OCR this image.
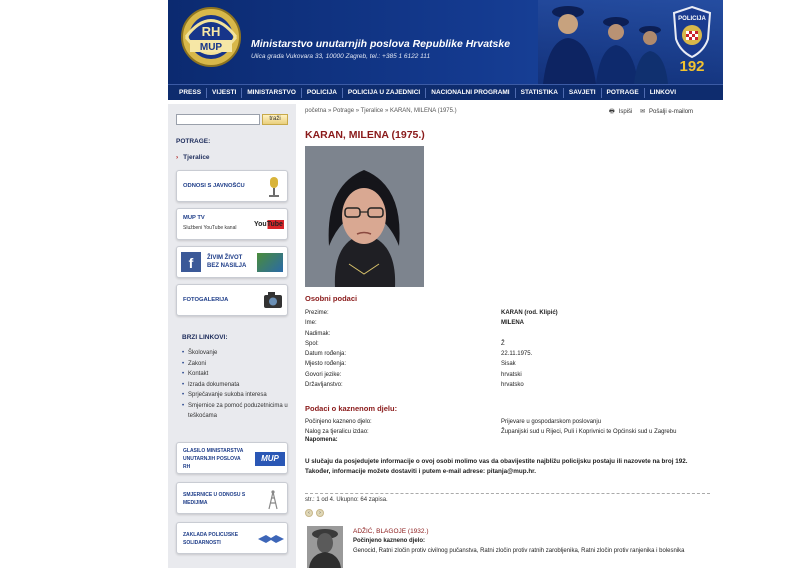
RH
MUP	Ministarstvo unutarnjih poslova Republike Hrvatske
Ulica grada Vukovara 33, 10000 Zagreb, tel.: +385 1 6122 111
POLICIJA
192
PRESS	VIJESTI	MINISTARSTVO	POLICIJA	POLICIJA U ZAJEDNICI	NACIONALNI PROGRAMI	STATISTIKA	SAVJETI	POTRAGE	LINKOVI
traži
POTRAGE:
› Tjeralice
ODNOSI S JAVNOŠĆU
MUP TV
Službeni YouTube kanal	YouTube
f	ŽIVIM ŽIVOT
BEZ NASILJA
FOTOGALERIJA
BRZI LINKOVI:
• Školovanje
• Zakoni
• Kontakt
• Izrada dokumenata
• Sprječavanje sukoba interesa
• Smjernice za pomoć poduzetnicima u teškoćama
GLASILO MINISTARSTVA
UNUTARNJIH POSLOVA
RH
MUP
SMJERNICE U ODNOSU S
MEDIJIMA
ZAKLADA POLICIJSKE
SOLIDARNOSTI
početna » Potrage » Tjeralice » KARAN, MILENA (1975.)	🖶 Ispiši ✉ Pošalji e-mailom
KARAN, MILENA (1975.)
Osobni podaci
Prezime:	KARAN (rod. Klipić)
Ime:	MILENA
Nadimak:
Spol:	Ž
Datum rođenja:	22.11.1975.
Mjesto rođenja:	Sisak
Govori jezike:	hrvatski
Državljanstvo:	hrvatsko
Podaci o kaznenom djelu:
Počinjeno kazneno djelo:	Prijevare u gospodarskom poslovanju
Nalog za tjeralicu izdao:	Županijski sud u Rijeci, Puli i Koprivnici te Općinski sud u Zagrebu
Napomena:
U slučaju da posjedujete informacije o ovoj osobi molimo vas da obavijestite najbližu policijsku postaju ili nazovete na broj 192. Također, informacije možete dostaviti i putem e-mail adrese: pitanja@mup.hr.
str.: 1 od 4. Ukupno: 64 zapisa.
‹	›
ADŽIĆ, BLAGOJE (1932.)
Počinjeno kazneno djelo:
Genocid, Ratni zločin protiv civilnog pučanstva, Ratni zločin protiv ratnih zarobljenika, Ratni zločin protiv ranjenika i bolesnika
